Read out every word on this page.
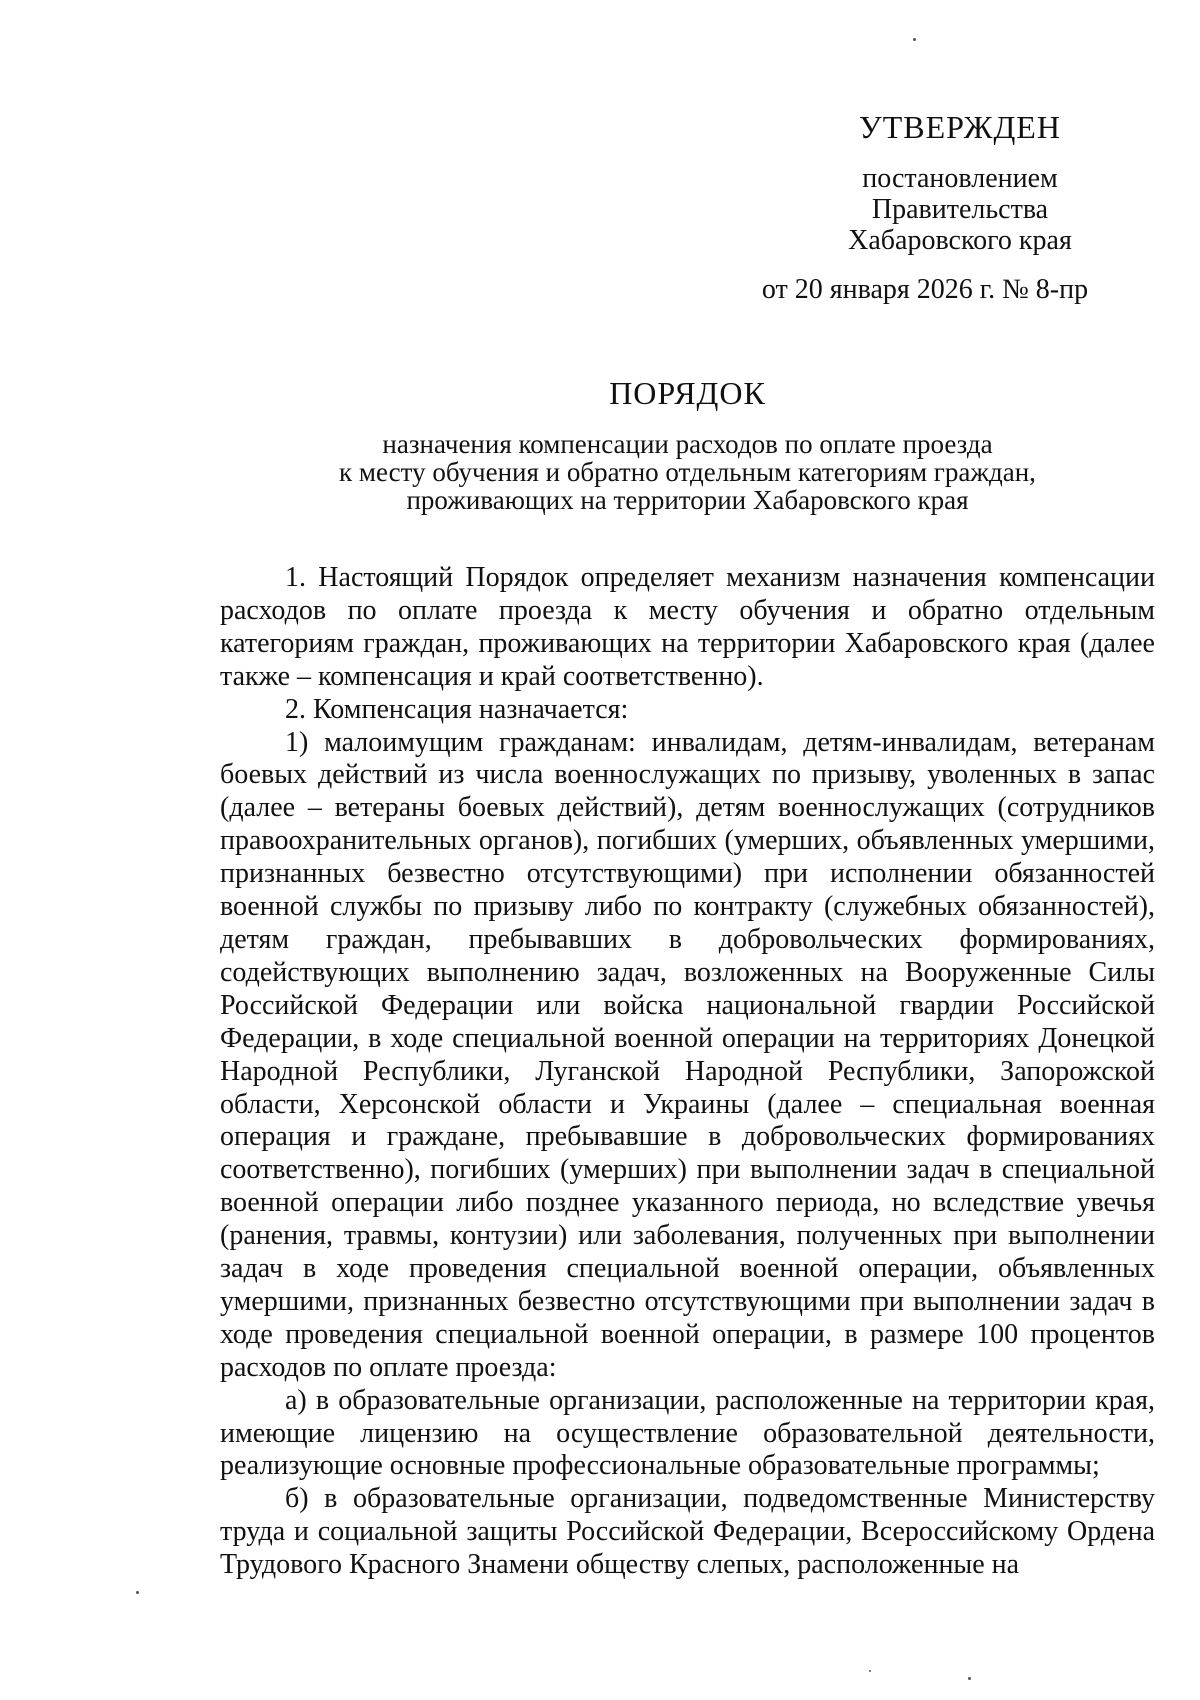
УТВЕРЖДЕН
постановлением
Правительства
Хабаровского края
от 20 января 2026 г. № 8-пр
ПОРЯДОК
назначения компенсации расходов по оплате проезда
к месту обучения и обратно отдельным категориям граждан,
проживающих на территории Хабаровского края

1. Настоящий Порядок определяет механизм назначения компенсации расходов по оплате проезда к месту обучения и обратно отдельным категориям граждан, проживающих на территории Хабаровского края (далее также – компенсация и край соответственно).

2. Компенсация назначается:

1) малоимущим гражданам: инвалидам, детям-инвалидам, ветеранам боевых действий из числа военнослужащих по призыву, уволенных в запас (далее – ветераны боевых действий), детям военнослужащих (сотрудников правоохранительных органов), погибших (умерших, объявленных умершими, признанных безвестно отсутствующими) при исполнении обязанностей военной службы по призыву либо по контракту (служебных обязанностей), детям граждан, пребывавших в добровольческих формированиях, содействующих выполнению задач, возложенных на Вооруженные Силы Российской Федерации или войска национальной гвардии Российской Федерации, в ходе специальной военной операции на территориях Донецкой Народной Республики, Луганской Народной Республики, Запорожской области, Херсонской области и Украины (далее – специальная военная операция и граждане, пребывавшие в добровольческих формированиях соответственно), погибших (умерших) при выполнении задач в специальной военной операции либо позднее указанного периода, но вследствие увечья (ранения, травмы, контузии) или заболевания, полученных при выполнении задач в ходе проведения специальной военной операции, объявленных умершими, признанных безвестно отсутствующими при выполнении задач в ходе проведения специальной военной операции, в размере 100 процентов расходов по оплате проезда:

а) в образовательные организации, расположенные на территории края, имеющие лицензию на осуществление образовательной деятельности, реализующие основные профессиональные образовательные программы;

б) в образовательные организации, подведомственные Министерству труда и социальной защиты Российской Федерации, Всероссийскому Ордена Трудового Красного Знамени обществу слепых, расположенные на
